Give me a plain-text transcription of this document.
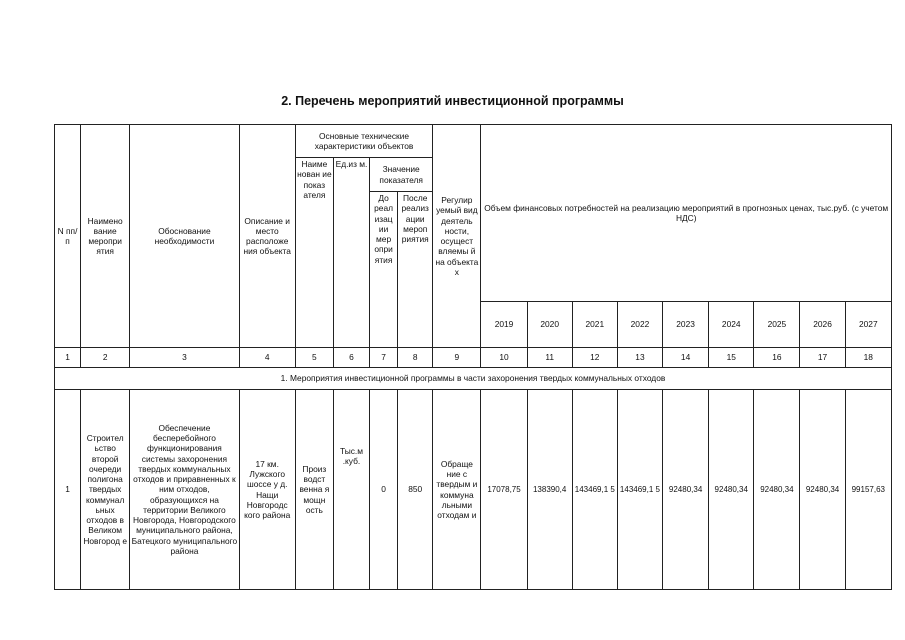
2. Перечень мероприятий инвестиционной программы
N пп/ п	Наимено вание меропри ятия	Обоснование необходимости	Описание и место расположе ния объекта	Основные технические характеристики объектов				Регулир уемый вид деятель ности, осущест вляемы й на объекта х	Объем финансовых потребностей на реализацию мероприятий в прогнозных ценах, тыс.руб. (с учетом НДС)								
				Наиме нован ие показ ателя	Ед.из м.	Значение показателя											
						До реал изац ии мер опри ятия	После реализ ации мероп риятия										
									2019	2020	2021	2022	2023	2024	2025	2026	2027
1	2	3	4	5	6	7	8	9	10	11	12	13	14	15	16	17	18
1. Мероприятия инвестиционной программы в части захоронения твердых коммунальных отходов																	
1	Строител ьство второй очереди полигона твердых коммунал ьных отходов в Великом Новгород е	Обеспечение бесперебойного функционирования системы захоронения твердых коммунальных отходов и приравненных к ним отходов, образующихся на территории Великого Новгорода, Новгородского муниципального района, Батецкого муниципального района	17 км. Лужского шоссе у д. Нащи Новгородс кого района	Произ водст венна я мощн ость	Тыс.м .куб.	0	850	Обраще ние с твердым и коммуна льными отходам и	17078,75	138390,4	143469,1 5	143469,1 5	92480,34	92480,34	92480,34	92480,34	99157,63
